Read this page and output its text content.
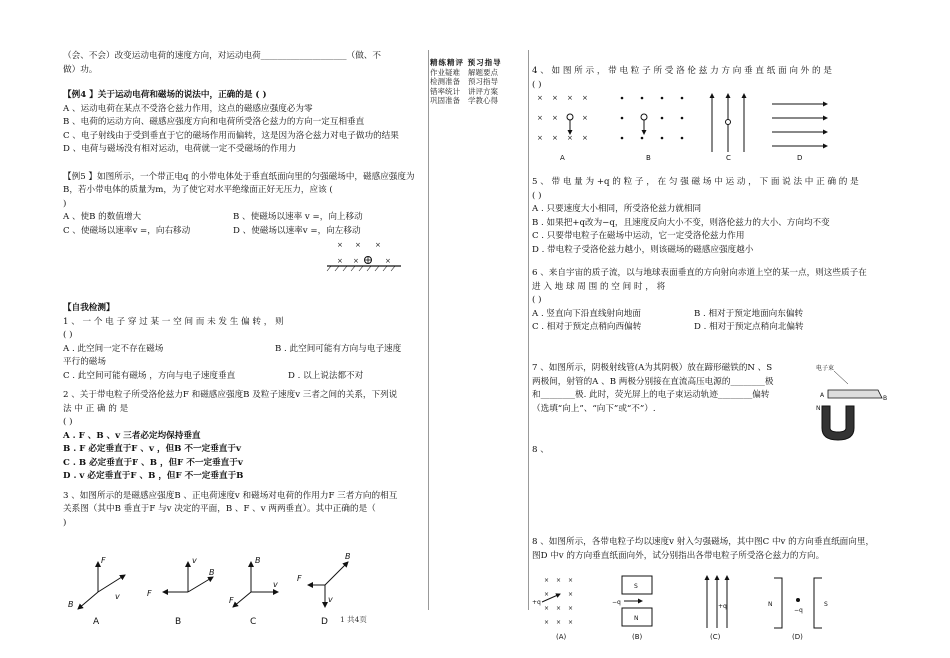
（会、不会）改变运动电荷的速度方向，对运动电荷____________________（做、不

做）功。

【例4 】关于运动电荷和磁场的说法中，正确的是 ( )

A 、运动电荷在某点不受洛仑兹力作用，这点的磁感应强度必为零

B 、电荷的运动方向、磁感应强度方向和电荷所受洛仑兹力的方向一定互相垂直

C 、电子射线由于受到垂直于它的磁场作用而偏转，这是因为洛仑兹力对电子做功的结果

D 、电荷与磁场没有相对运动，电荷就一定不受磁场的作用力

【例5 】如图所示，一个带正电q 的小带电体处于垂直纸面向里的匀强磁场中，磁感应强度为B，若小带电体的质量为m，为了使它对水平绝缘面正好无压力，应该 (

)

A 、使B 的数值增大	B 、使磁场以速率 v =，向上移动
C 、使磁场以速率v =，向右移动	D 、使磁场以速率v =，向左移动

【自我检测】

1 、 一 个 电 子 穿 过 某 一 空 间 而 未 发 生 偏 转 ， 则

( )

A . 此空间一定不存在磁场	B . 此空间可能有方向与电子速度

平行的磁场

C . 此空间可能有磁场 ，方向与电子速度垂直	D . 以上说法都不对

2 、关于带电粒子所受洛伦兹力F 和磁感应强度B 及粒子速度v 三者之间的关系，下列说

法 中 正 确 的 是

( )

A . F 、B 、v 三者必定均保持垂直

B . F 必定垂直于F 、v ，但B 不一定垂直于v

C . B 必定垂直于F 、B ，但F 不一定垂直于v

D . v 必定垂直于F 、B ，但F 不一定垂直于B

3 、如图所示的是磁感应强度B 、正电荷速度v 和磁场对电荷的作用力F 三者方向的相互

关系图（其中B 垂直于F 与v 决定的平面，B 、F 、v 两两垂直）。其中正确的是（

)

× × ×
× ×	×
F
v
B
v
F
B
B
v
F	v
F
B
A	B	C	D

精练精评 预习指导

作业疑难 解题要点
检测准备 预习指导
错率统计 讲评方案
巩固准备 学教心得

4 、 如 图 所 示 ， 带 电 粒 子 所 受 洛 伦 兹 力 方 向 垂 直 纸 面 向 外 的 是

( )

× × × ×
× ×	×
× × × ×
A	B	C	D

5 、 带 电 量 为 +q 的 粒 子 ， 在 匀 强 磁 场 中 运 动 ， 下 面 说 法 中 正 确 的 是

( )

A . 只要速度大小相同，所受洛伦兹力就相同

B . 如果把+q改为−q，且速度反向大小不变，则洛伦兹力的大小、方向均不变

C . 只要带电粒子在磁场中运动，它一定受洛伦兹力作用

D . 带电粒子受洛伦兹力越小，则该磁场的磁感应强度越小

6 、来自宇宙的质子流，以与地球表面垂直的方向射向赤道上空的某一点，则这些质子在

进 入 地 球 周 围 的 空 间 时 ， 将

( )

A . 竖直向下沿直线射向地面	B . 相对于预定地面向东偏转
C . 相对于预定点稍向西偏转	D . 相对于预定点稍向北偏转

7 、如图所示，阴极射线管(A为其阴极）放在蹄形磁铁的N 、S

两极间，射管的A 、B 两极分别接在直流高压电源的________极

和________极. 此时，荧光屏上的电子束运动轨迹________偏转

（选填“向上”、“向下”或“不”）.

电子束
A	B
N
S

8 、

8 、如图所示，各带电粒子均以速度v 射入匀强磁场，其中图C 中v 的方向垂直纸面向里，

图D 中v 的方向垂直纸面向外，试分别指出各带电粒子所受洛仑兹力的方向。

× × ×
×	×
× × ×
× × ×
+q
S
N
−q
+q	N	S
−q
(A)	(B)	(C)	(D)
1 共4页
